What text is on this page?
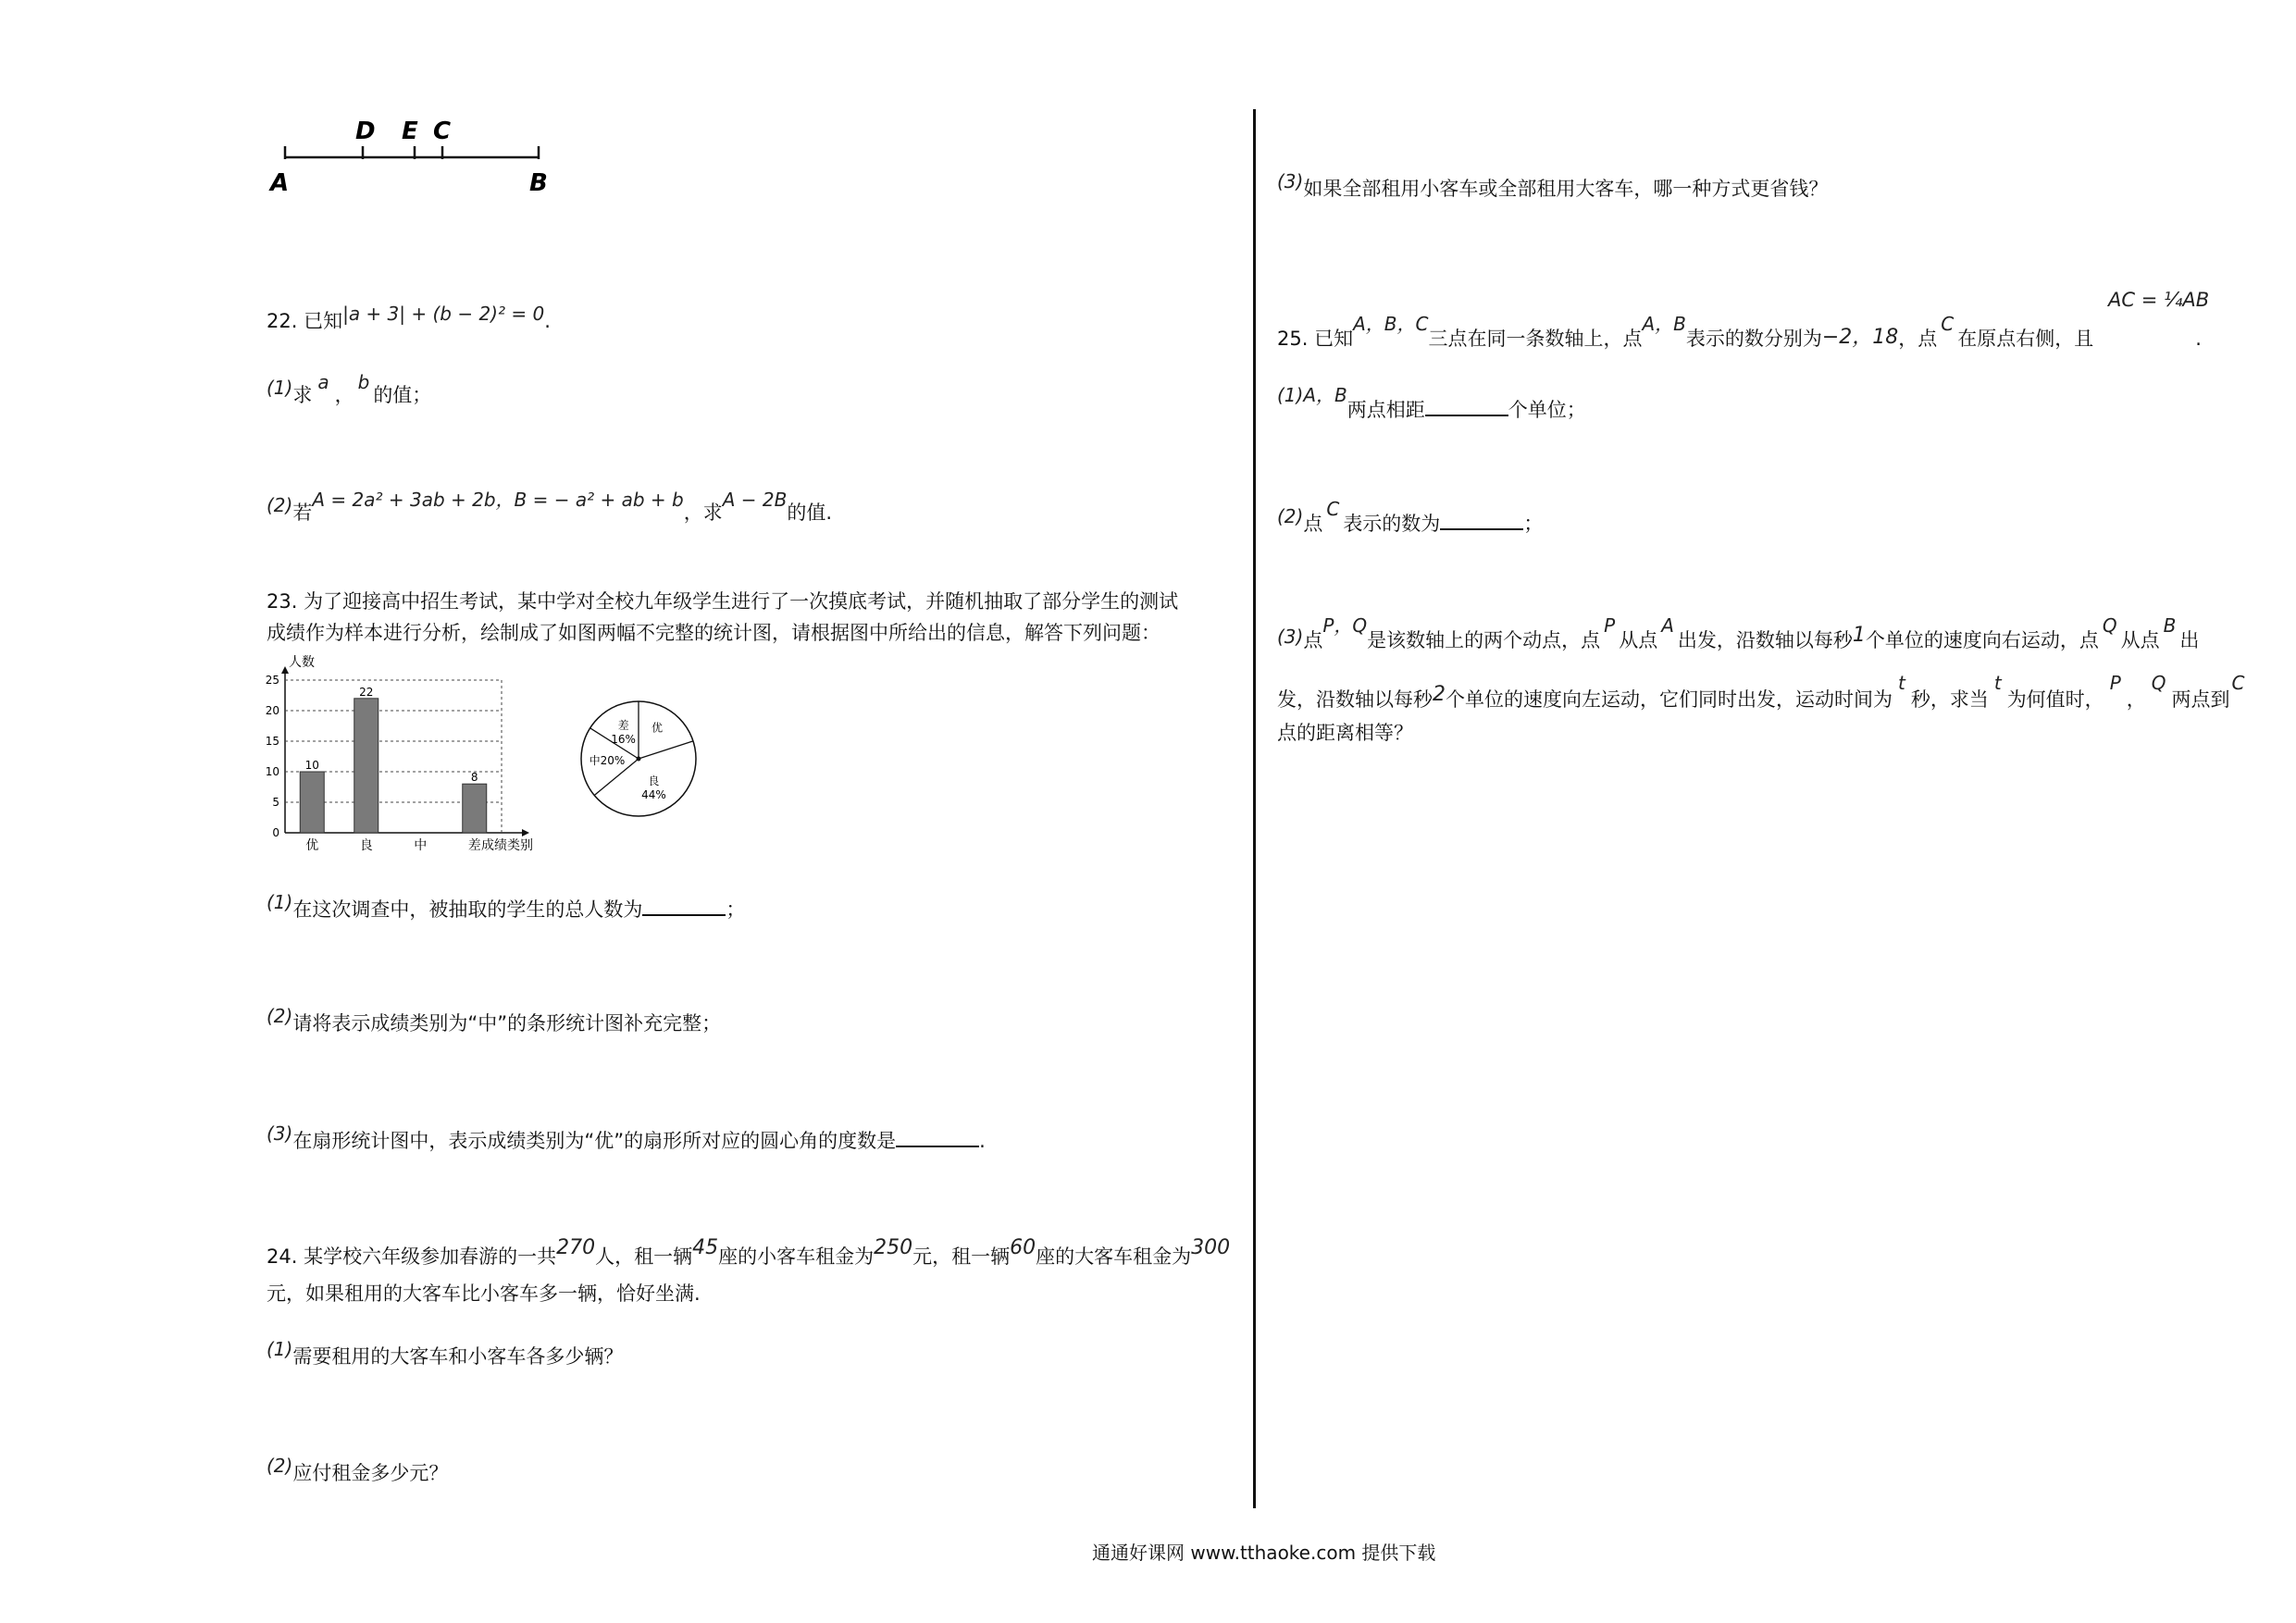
D E C
A	B
22. 已知|a + 3| + (b − 2)² = 0.
(1)求a，b的值；
(2)若A = 2a² + 3ab + 2b，B = − a² + ab + b，求A − 2B的值.
23. 为了迎接高中招生考试，某中学对全校九年级学生进行了一次摸底考试，并随机抽取了部分学生的测试
成绩作为样本进行分析，绘制成了如图两幅不完整的统计图，请根据图中所给出的信息，解答下列问题：
人数
成绩类别
0
5
10
15
20
25
10
优
22
良	中
8
差
差
16%
优
良
44%
中20%
(1)在这次调查中，被抽取的学生的总人数为	；
(2)请将表示成绩类别为“中”的条形统计图补充完整；
(3)在扇形统计图中，表示成绩类别为“优”的扇形所对应的圆心角的度数是	.
24. 某学校六年级参加春游的一共270人，租一辆45座的小客车租金为250元，租一辆60座的大客车租金为300
元，如果租用的大客车比小客车多一辆，恰好坐满.
(1)需要租用的大客车和小客车各多少辆？
(2)应付租金多少元？
(3)如果全部租用小客车或全部租用大客车，哪一种方式更省钱？
AC = ¼AB
25. 已知A，B，C三点在同一条数轴上，点A，B表示的数分别为−2，18，点C在原点右侧，且	.
(1)A，B两点相距	个单位；
(2)点C表示的数为	；
(3)点P，Q是该数轴上的两个动点，点P从点A出发，沿数轴以每秒1个单位的速度向右运动，点Q从点B出
发，沿数轴以每秒2个单位的速度向左运动，它们同时出发，运动时间为t秒，求当t为何值时，P，Q两点到C
点的距离相等？
通通好课网 www.tthaoke.com 提供下载
